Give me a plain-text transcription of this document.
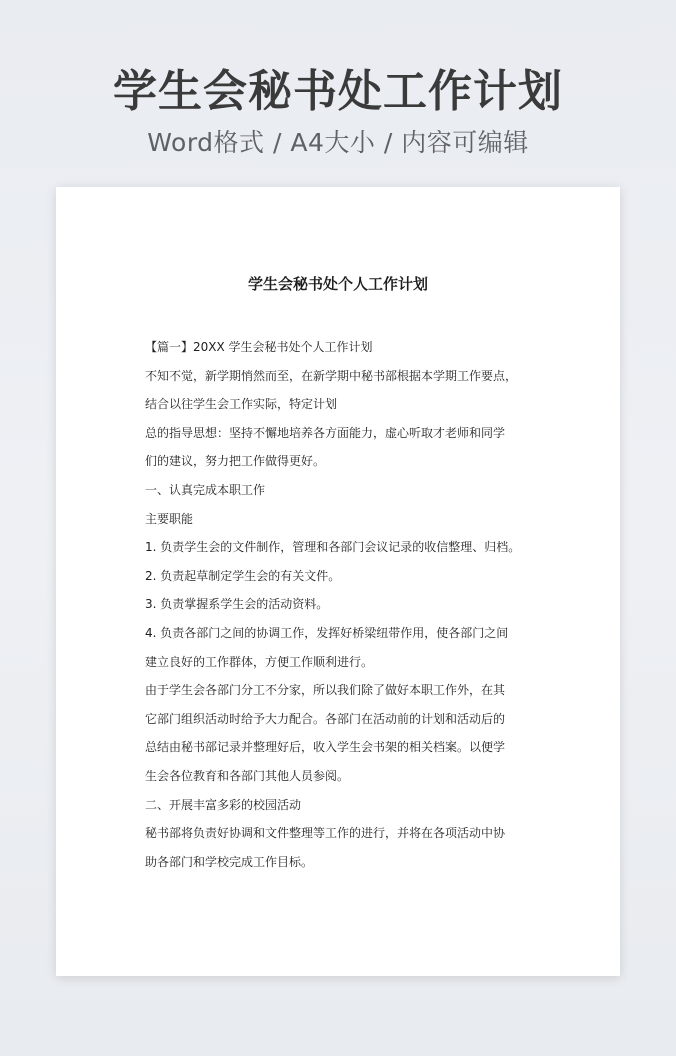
学生会秘书处工作计划
Word格式 / A4大小 / 内容可编辑
学生会秘书处个人工作计划
【篇一】20XX 学生会秘书处个人工作计划
不知不觉，新学期悄然而至，在新学期中秘书部根据本学期工作要点，
结合以往学生会工作实际，特定计划
总的指导思想：坚持不懈地培养各方面能力，虚心听取才老师和同学
们的建议，努力把工作做得更好。
一、认真完成本职工作
主要职能
1. 负责学生会的文件制作，管理和各部门会议记录的收信整理、归档。
2. 负责起草制定学生会的有关文件。
3. 负责掌握系学生会的活动资料。
4. 负责各部门之间的协调工作，发挥好桥梁纽带作用，使各部门之间
建立良好的工作群体，方便工作顺利进行。
由于学生会各部门分工不分家，所以我们除了做好本职工作外，在其
它部门组织活动时给予大力配合。各部门在活动前的计划和活动后的
总结由秘书部记录并整理好后，收入学生会书架的相关档案。以便学
生会各位教育和各部门其他人员参阅。
二、开展丰富多彩的校园活动
秘书部将负责好协调和文件整理等工作的进行，并将在各项活动中协
助各部门和学校完成工作目标。
